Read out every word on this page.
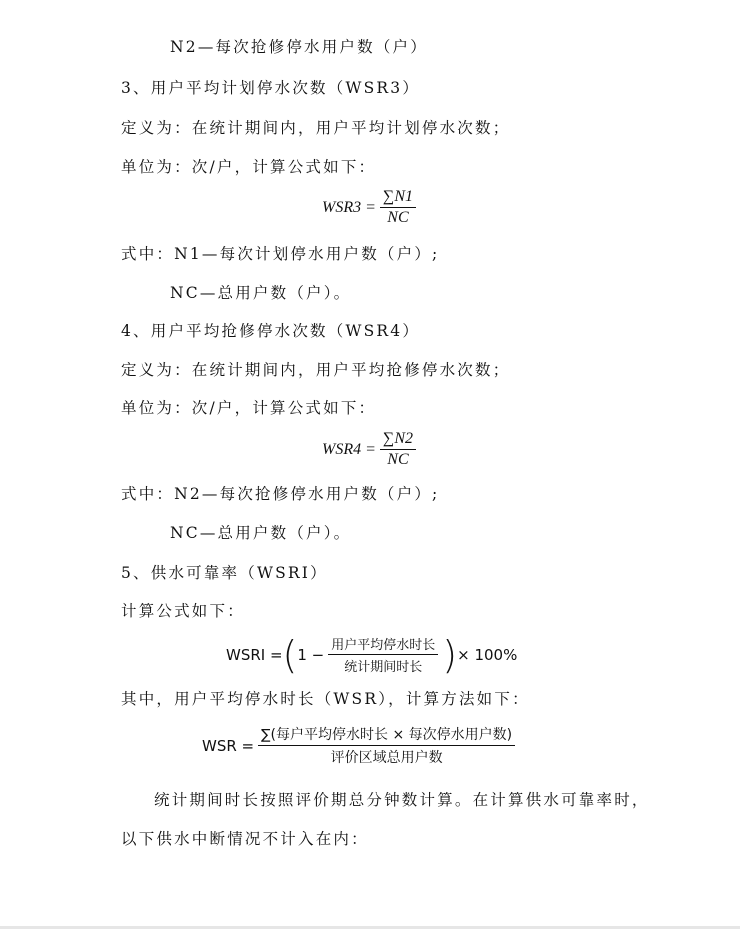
N2—每次抢修停水用户数（户）
3、用户平均计划停水次数（WSR3）
定义为：在统计期间内，用户平均计划停水次数；
单位为：次/户，计算公式如下：
$WSR3 = \frac{\sum N1}{NC}$
式中：N1—每次计划停水用户数（户）;
NC—总用户数（户）。
4、用户平均抢修停水次数（WSR4）
定义为：在统计期间内，用户平均抢修停水次数；
单位为：次/户，计算公式如下：
$WSR4 = \frac{\sum N2}{NC}$
式中：N2—每次抢修停水用户数（户）;
NC—总用户数（户）。
5、供水可靠率（WSRI）
计算公式如下：
WSRI = ( $1 - \frac{\text{用户平均停水时长}}{\text{统计期间时长}}$ ) × 100%
其中，用户平均停水时长（WSR），计算方法如下：
WSR = $\frac{\text{∑(每户平均停水时长 × 每次停水用户数)}}{\text{评价区域总用户数}}$
统计期间时长按照评价期总分钟数计算。在计算供水可靠率时，
以下供水中断情况不计入在内：
